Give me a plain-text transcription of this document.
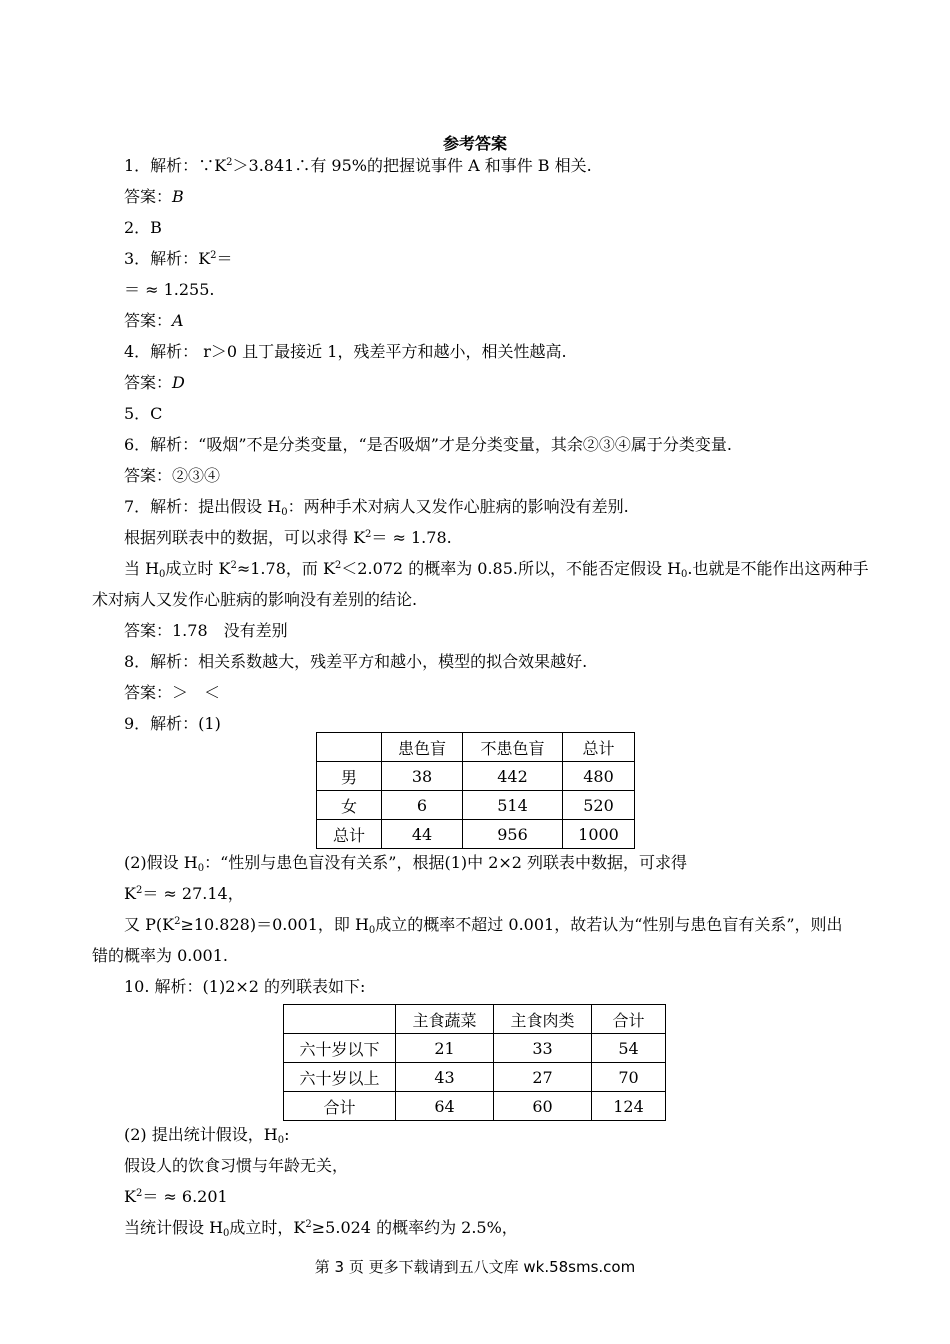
参考答案
1．解析：$\because K^2>3.841\therefore$有 95%的把握说事件 A 和事件 B 相关.
答案：B
2．B
3．解析：$K^2=$
＝ ≈ 1.255.
答案：A
4．解析： r＞0 且丁最接近 1，残差平方和越小，相关性越高.
答案：D
5．C
6．解析：“吸烟”不是分类变量，“是否吸烟”才是分类变量，其余②③④属于分类变量.
答案：②③④
7．解析：提出假设 $H_0$：两种手术对病人又发作心脏病的影响没有差别.
根据列联表中的数据，可以求得 $K^2= \approx 1.78$.
当 $H_0$成立时 $K^2\approx 1.78$，而 $K^2<2.072$ 的概率为 0.85.所以，不能否定假设 $H_0$.也就是不能作出这两种手
术对病人又发作心脏病的影响没有差别的结论.
答案：1.78　没有差别
8．解析：相关系数越大，残差平方和越小，模型的拟合效果越好.
答案：＞　＜
9．解析：(1)
	患色盲	不患色盲	总计
男	38	442	480
女	6	514	520
总计	44	956	1000
(2)假设 $H_0$：“性别与患色盲没有关系”，根据(1)中 2×2 列联表中数据，可求得
$K^2= \approx 27.14$，
又 $P(K^2\ge 10.828)=0.001$，即 $H_0$成立的概率不超过 0.001，故若认为“性别与患色盲有关系”，则出
错的概率为 0.001.
10. 解析：(1)2×2 的列联表如下:
	主食蔬菜	主食肉类	合计
六十岁以下	21	33	54
六十岁以上	43	27	70
合计	64	60	124
(2) 提出统计假设，$H_0$:
假设人的饮食习惯与年龄无关，
$K^2= \approx 6.201$
当统计假设 $H_0$成立时，$K^2\ge 5.024$ 的概率约为 2.5%，
第 3 页 更多下载请到五八文库 wk.58sms.com
